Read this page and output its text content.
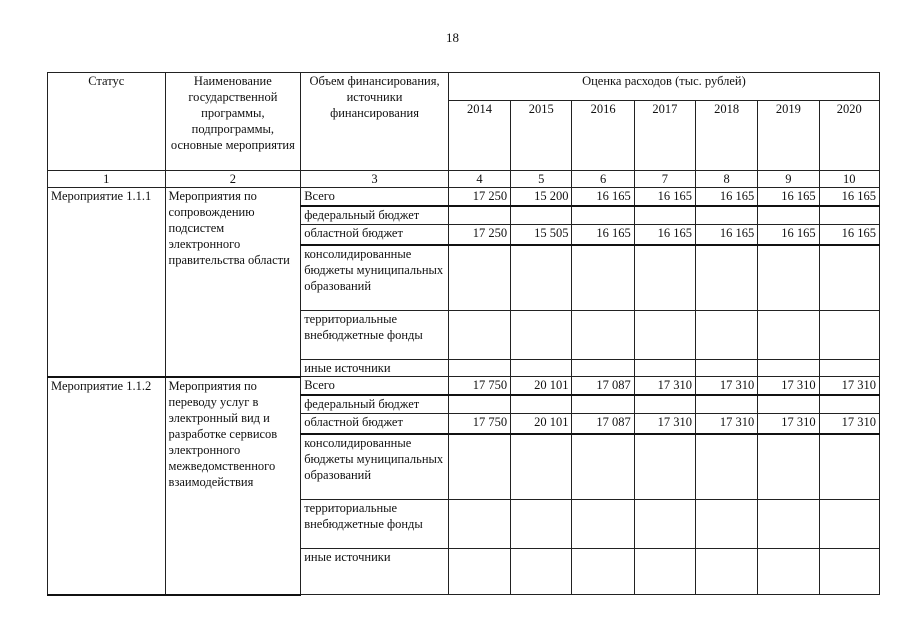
18
Статус	Наименование государственной программы, подпрограммы, основные мероприятия	Объем финансирования, источники финансирования	Оценка расходов (тыс. рублей)						
			2014	2015	2016	2017	2018	2019	2020
1	2	3	4	5	6	7	8	9	10
Мероприятие 1.1.1	Мероприятия по сопровождению подсистем электронного правительства области	Всего	17 250	15 200	16 165	16 165	16 165	16 165	16 165
		федеральный бюджет							
		областной бюджет	17 250	15 505	16 165	16 165	16 165	16 165	16 165
		консолидированные бюджеты муниципальных образований							
		территориальные внебюджетные фонды							
		иные источники							
Мероприятие 1.1.2	Мероприятия по переводу услуг в электронный вид и разработке сервисов электронного межведомственного взаимодействия	Всего	17 750	20 101	17 087	17 310	17 310	17 310	17 310
		федеральный бюджет							
		областной бюджет	17 750	20 101	17 087	17 310	17 310	17 310	17 310
		консолидированные бюджеты муниципальных образований							
		территориальные внебюджетные фонды							
		иные источники							
